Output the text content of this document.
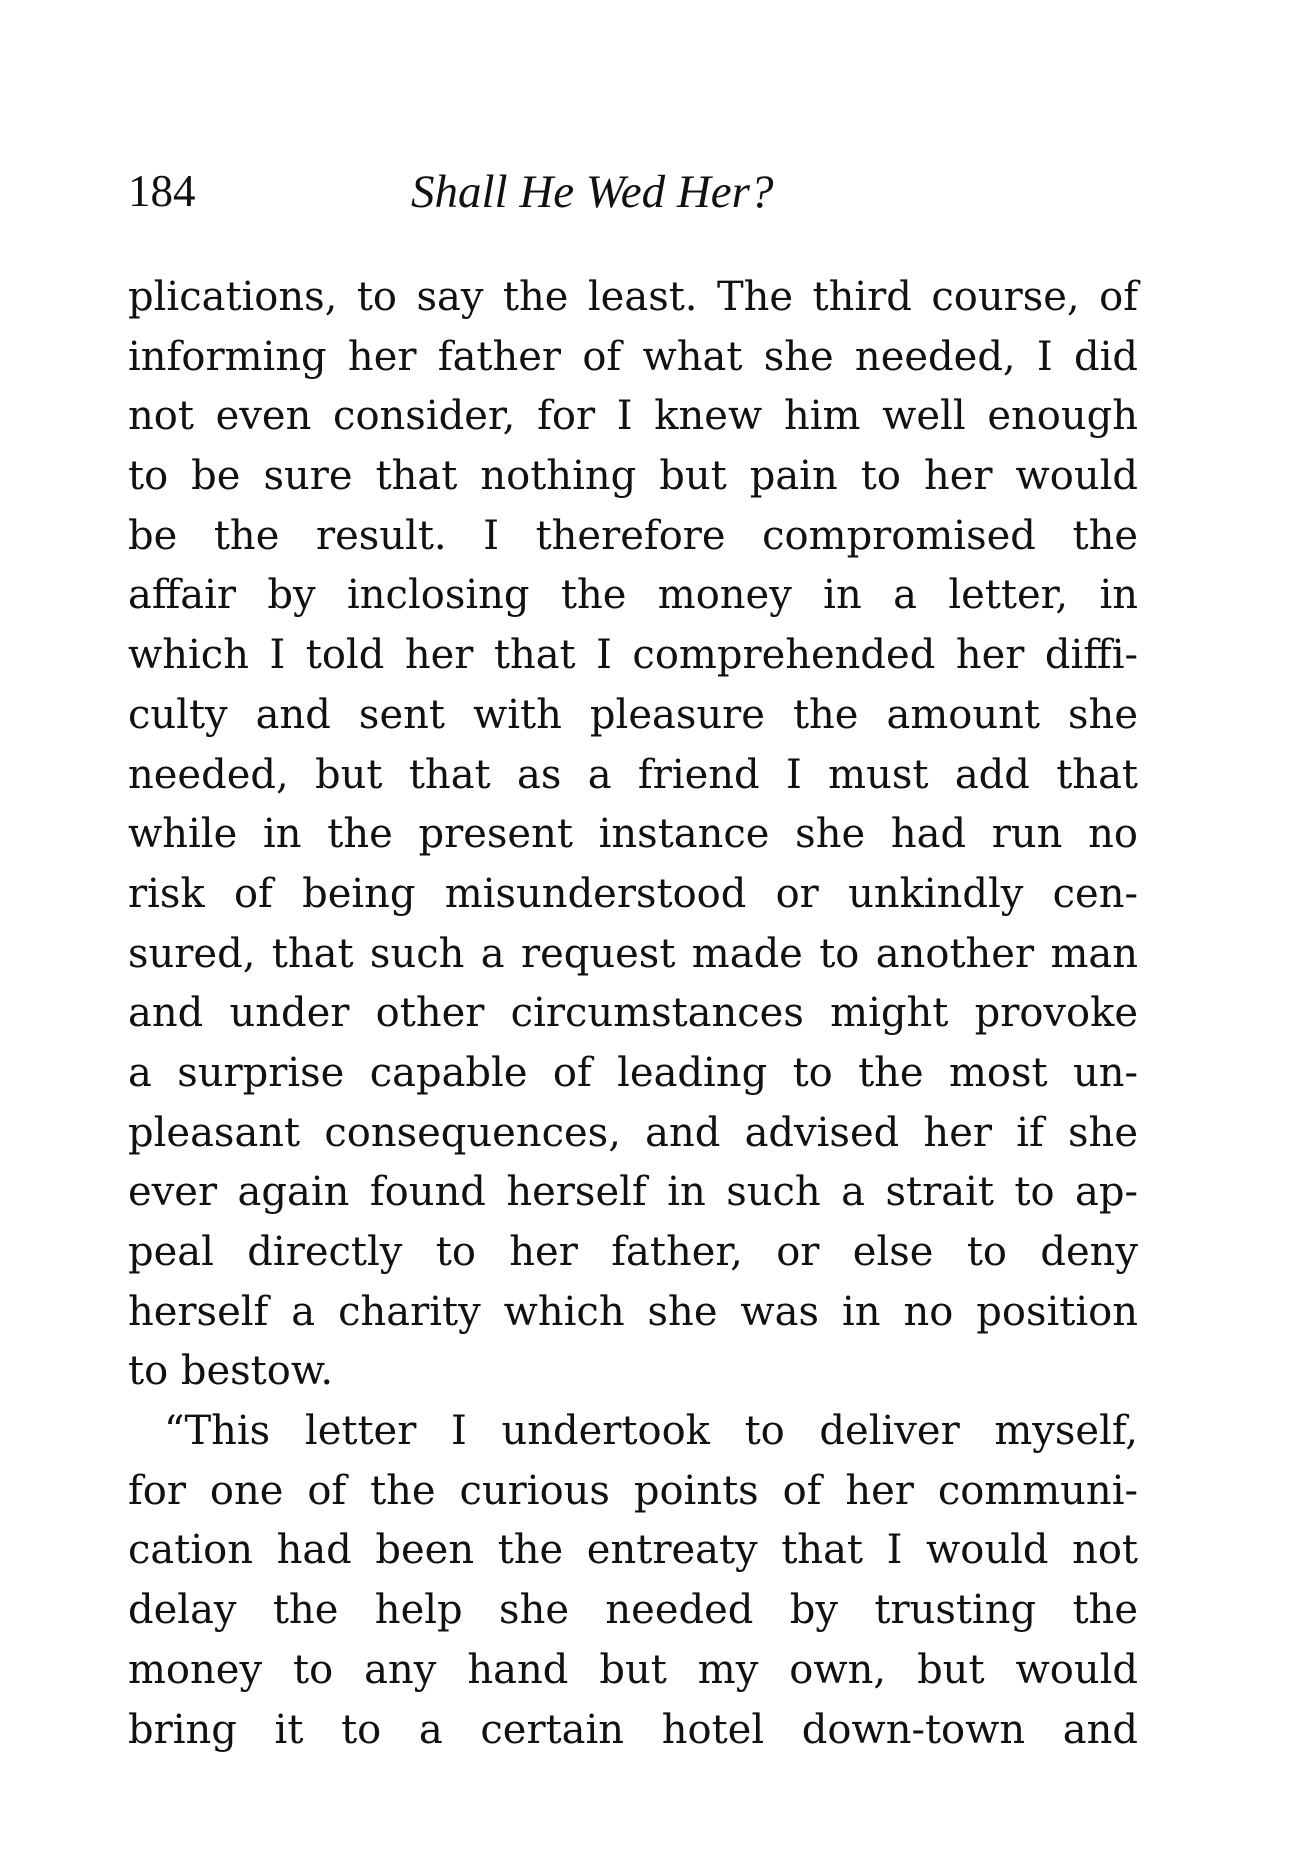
184	Shall He Wed Her?
plications, to say the least. The third course, of
informing her father of what she needed, I did
not even consider, for I knew him well enough
to be sure that nothing but pain to her would
be the result. I therefore compromised the
affair by inclosing the money in a letter, in
which I told her that I comprehended her diffi-
culty and sent with pleasure the amount she
needed, but that as a friend I must add that
while in the present instance she had run no
risk of being misunderstood or unkindly cen-
sured, that such a request made to another man
and under other circumstances might provoke
a surprise capable of leading to the most un-
pleasant consequences, and advised her if she
ever again found herself in such a strait to ap-
peal directly to her father, or else to deny
herself a charity which she was in no position
to bestow.
“This letter I undertook to deliver myself,
for one of the curious points of her communi-
cation had been the entreaty that I would not
delay the help she needed by trusting the
money to any hand but my own, but would
bring it to a certain hotel down-town and
